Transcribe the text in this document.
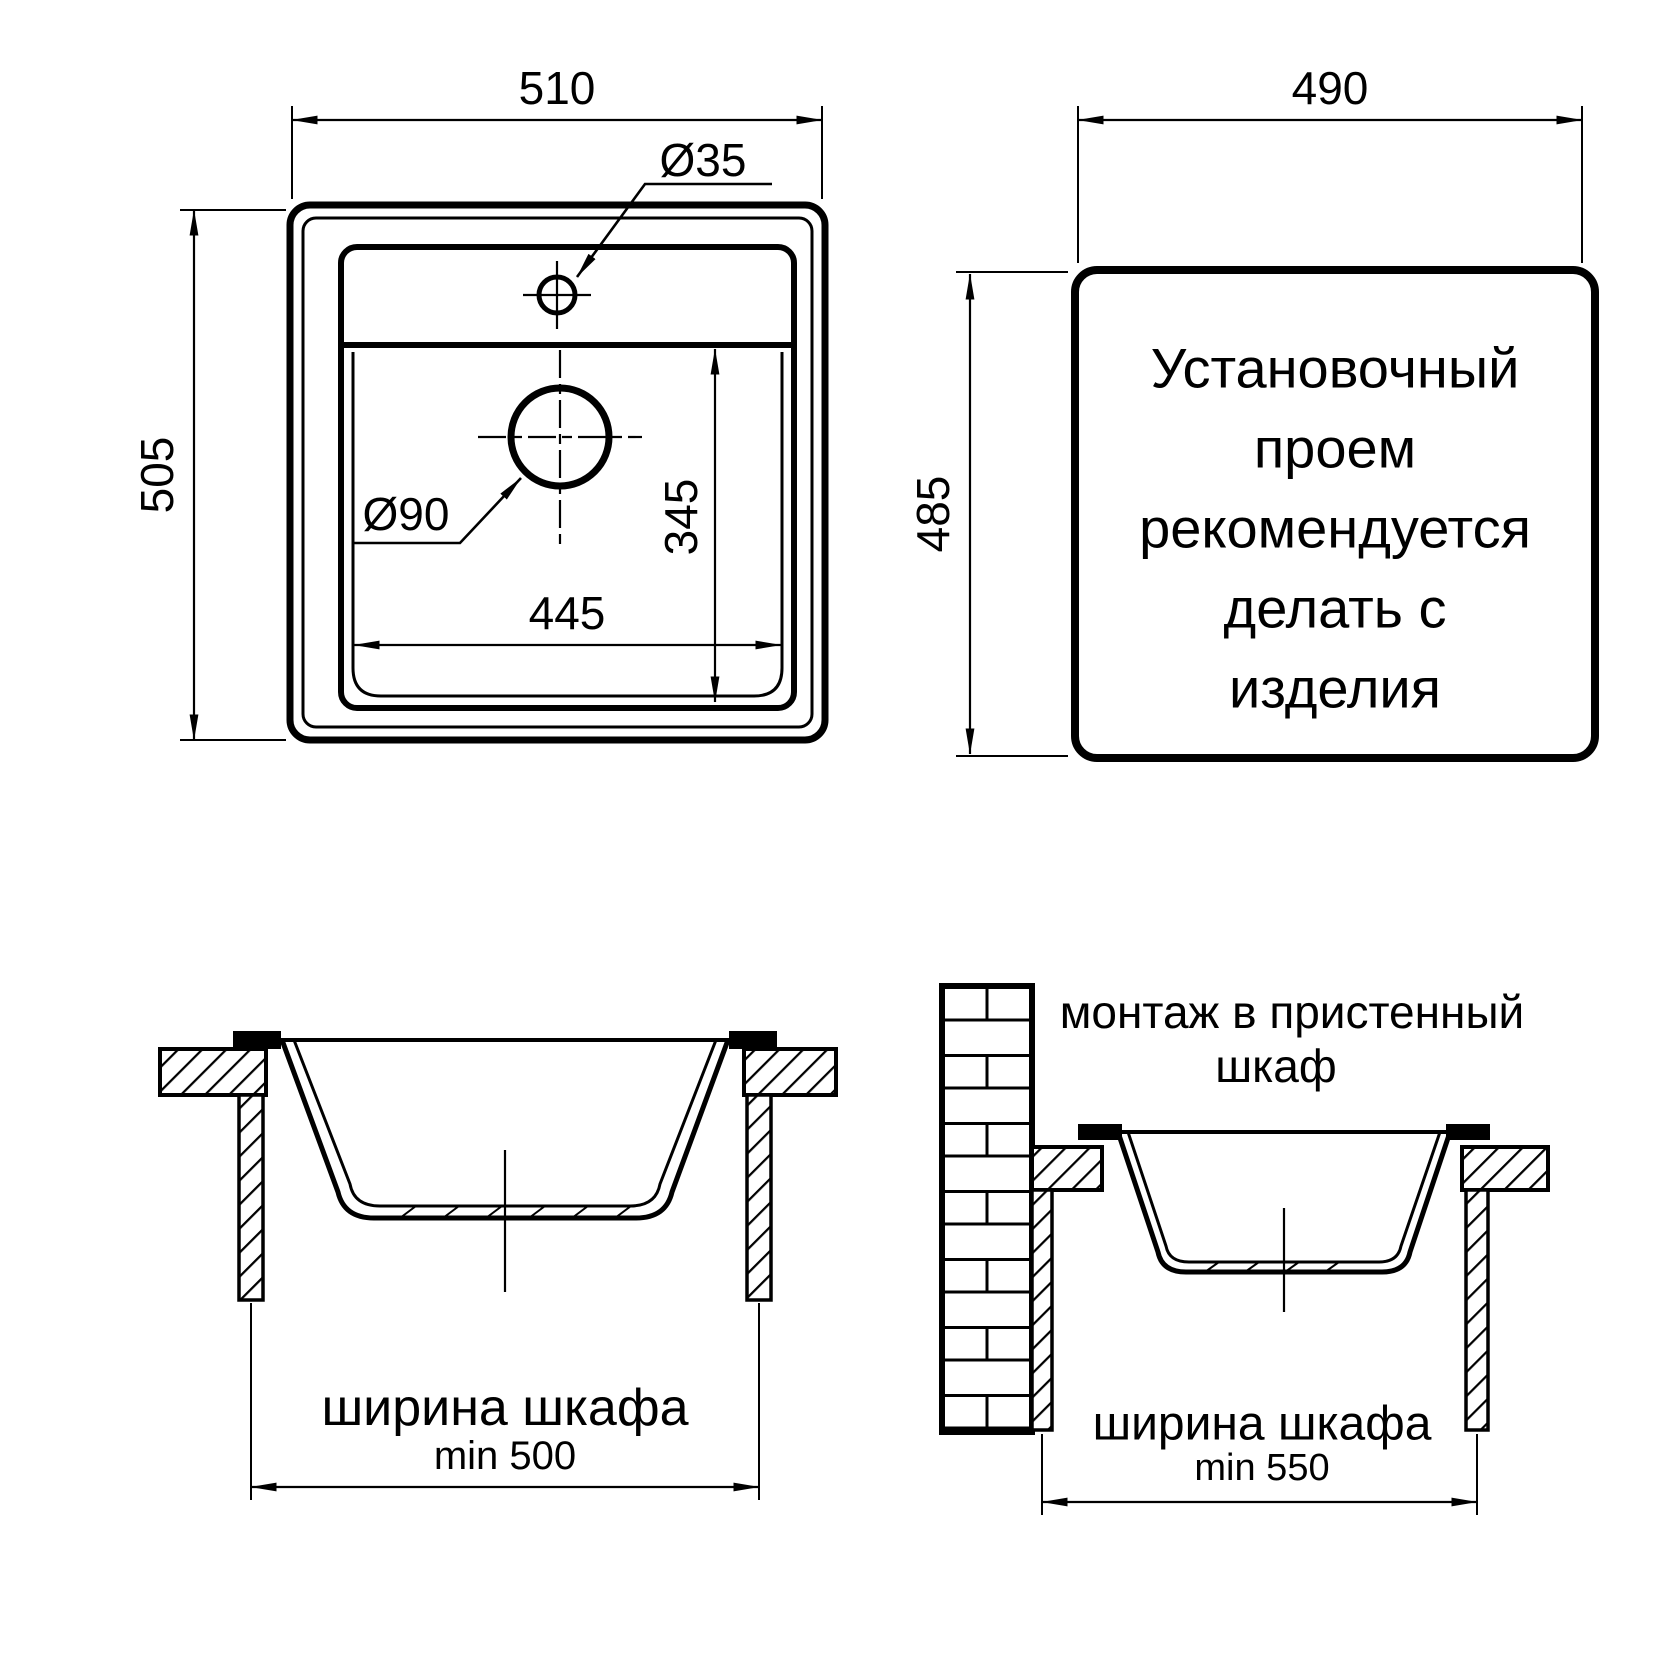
Ø35
Ø90
510
505
445
345
490
485
Установочный
проем
рекомендуется
делать с
изделия
ширина шкафа
min 500
монтаж в пристенный
шкаф
ширина шкафа
min 550
